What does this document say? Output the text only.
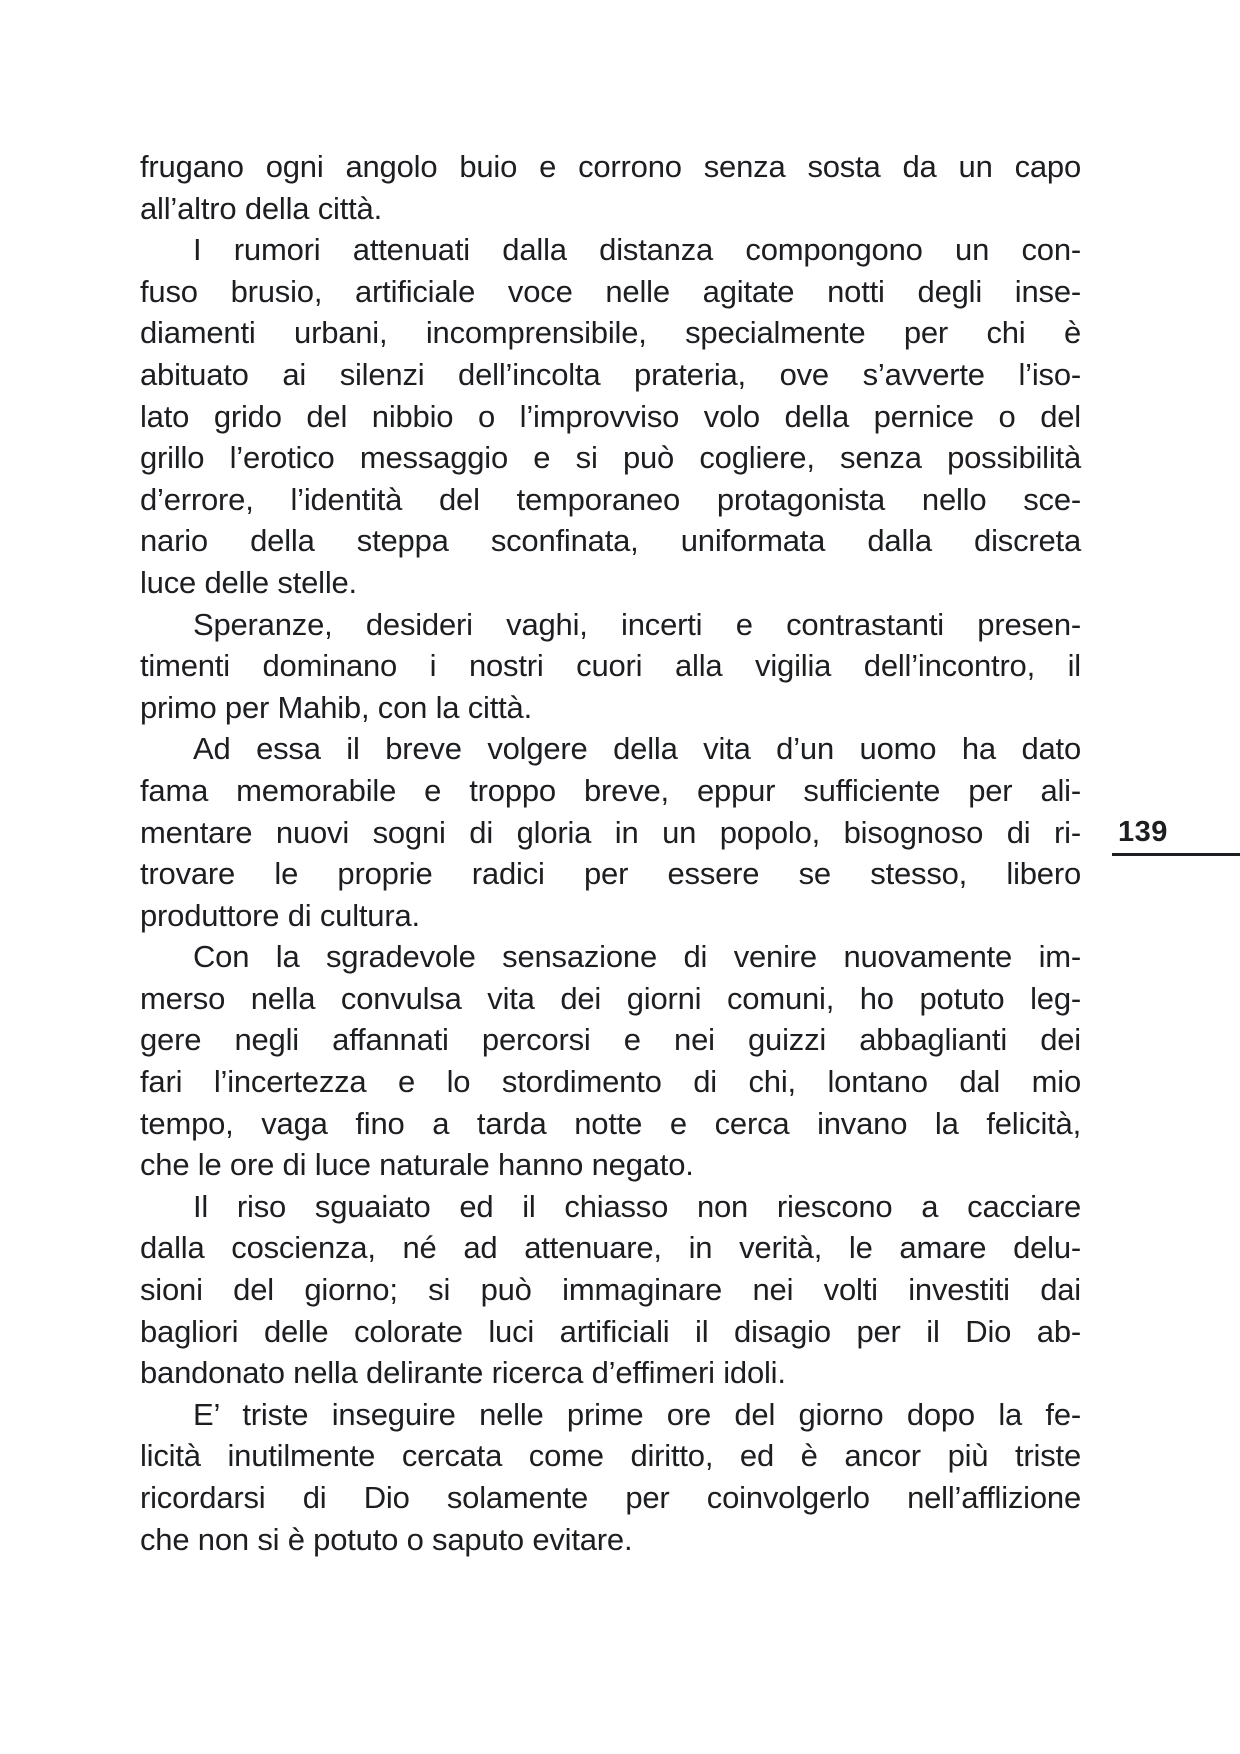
frugano ogni angolo buio e corrono senza sosta da un capo
all’altro della città.
I rumori attenuati dalla distanza compongono un con-
fuso brusio, artificiale voce nelle agitate notti degli inse-
diamenti urbani, incomprensibile, specialmente per chi è
abituato ai silenzi dell’incolta prateria, ove s’avverte l’iso-
lato grido del nibbio o l’improvviso volo della pernice o del
grillo l’erotico messaggio e si può cogliere, senza possibilità
d’errore, l’identità del temporaneo protagonista nello sce-
nario della steppa sconfinata, uniformata dalla discreta
luce delle stelle.
Speranze, desideri vaghi, incerti e contrastanti presen-
timenti dominano i nostri cuori alla vigilia dell’incontro, il
primo per Mahib, con la città.
Ad essa il breve volgere della vita d’un uomo ha dato
fama memorabile e troppo breve, eppur sufficiente per ali-
mentare nuovi sogni di gloria in un popolo, bisognoso di ri-
trovare le proprie radici per essere se stesso, libero
produttore di cultura.
Con la sgradevole sensazione di venire nuovamente im-
merso nella convulsa vita dei giorni comuni, ho potuto leg-
gere negli affannati percorsi e nei guizzi abbaglianti dei
fari l’incertezza e lo stordimento di chi, lontano dal mio
tempo, vaga fino a tarda notte e cerca invano la felicità,
che le ore di luce naturale hanno negato.
Il riso sguaiato ed il chiasso non riescono a cacciare
dalla coscienza, né ad attenuare, in verità, le amare delu-
sioni del giorno; si può immaginare nei volti investiti dai
bagliori delle colorate luci artificiali il disagio per il Dio ab-
bandonato nella delirante ricerca d’effimeri idoli.
E’ triste inseguire nelle prime ore del giorno dopo la fe-
licità inutilmente cercata come diritto, ed è ancor più triste
ricordarsi di Dio solamente per coinvolgerlo nell’afflizione
che non si è potuto o saputo evitare.
139
